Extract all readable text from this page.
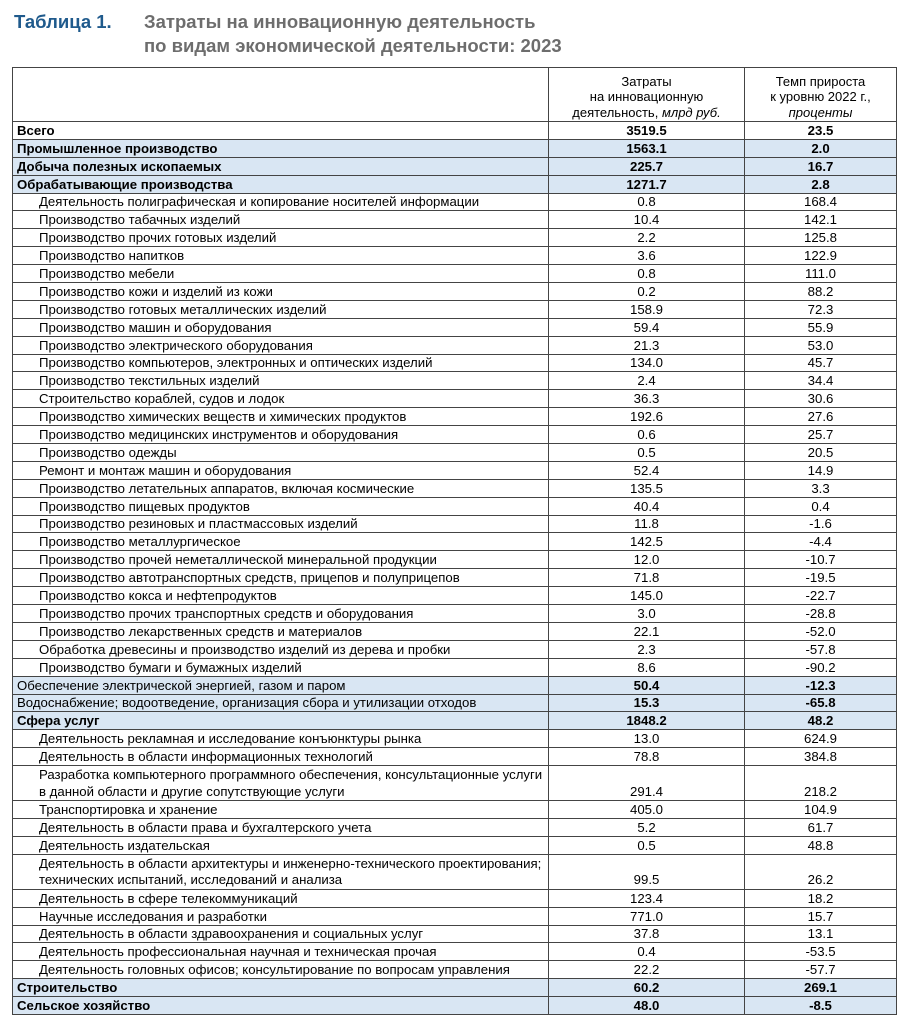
Таблица 1.	Затраты на инновационную деятельность
по видам экономической деятельности: 2023
	Затраты
на инновационную
деятельность, млрд руб.	Темп прироста
к уровню 2022 г.,
проценты
Всего	3519.5	23.5
Промышленное производство	1563.1	2.0
Добыча полезных ископаемых	225.7	16.7
Обрабатывающие производства	1271.7	2.8
Деятельность полиграфическая и копирование носителей информации	0.8	168.4
Производство табачных изделий	10.4	142.1
Производство прочих готовых изделий	2.2	125.8
Производство напитков	3.6	122.9
Производство мебели	0.8	111.0
Производство кожи и изделий из кожи	0.2	88.2
Производство готовых металлических изделий	158.9	72.3
Производство машин и оборудования	59.4	55.9
Производство электрического оборудования	21.3	53.0
Производство компьютеров, электронных и оптических изделий	134.0	45.7
Производство текстильных изделий	2.4	34.4
Строительство кораблей, судов и лодок	36.3	30.6
Производство химических веществ и химических продуктов	192.6	27.6
Производство медицинских инструментов и оборудования	0.6	25.7
Производство одежды	0.5	20.5
Ремонт и монтаж машин и оборудования	52.4	14.9
Производство летательных аппаратов, включая космические	135.5	3.3
Производство пищевых продуктов	40.4	0.4
Производство резиновых и пластмассовых изделий	11.8	-1.6
Производство металлургическое	142.5	-4.4
Производство прочей неметаллической минеральной продукции	12.0	-10.7
Производство автотранспортных средств, прицепов и полуприцепов	71.8	-19.5
Производство кокса и нефтепродуктов	145.0	-22.7
Производство прочих транспортных средств и оборудования	3.0	-28.8
Производство лекарственных средств и материалов	22.1	-52.0
Обработка древесины и производство изделий из дерева и пробки	2.3	-57.8
Производство бумаги и бумажных изделий	8.6	-90.2
Обеспечение электрической энергией, газом и паром	50.4	-12.3
Водоснабжение; водоотведение, организация сбора и утилизации отходов	15.3	-65.8
Сфера услуг	1848.2	48.2
Деятельность рекламная и исследование конъюнктуры рынка	13.0	624.9
Деятельность в области информационных технологий	78.8	384.8
Разработка компьютерного программного обеспечения, консультационные услуги в данной области и другие сопутствующие услуги	291.4	218.2
Транспортировка и хранение	405.0	104.9
Деятельность в области права и бухгалтерского учета	5.2	61.7
Деятельность издательская	0.5	48.8
Деятельность в области архитектуры и инженерно-технического проектирования; технических испытаний, исследований и анализа	99.5	26.2
Деятельность в сфере телекоммуникаций	123.4	18.2
Научные исследования и разработки	771.0	15.7
Деятельность в области здравоохранения и социальных услуг	37.8	13.1
Деятельность профессиональная научная и техническая прочая	0.4	-53.5
Деятельность головных офисов; консультирование по вопросам управления	22.2	-57.7
Строительство	60.2	269.1
Сельское хозяйство	48.0	-8.5
